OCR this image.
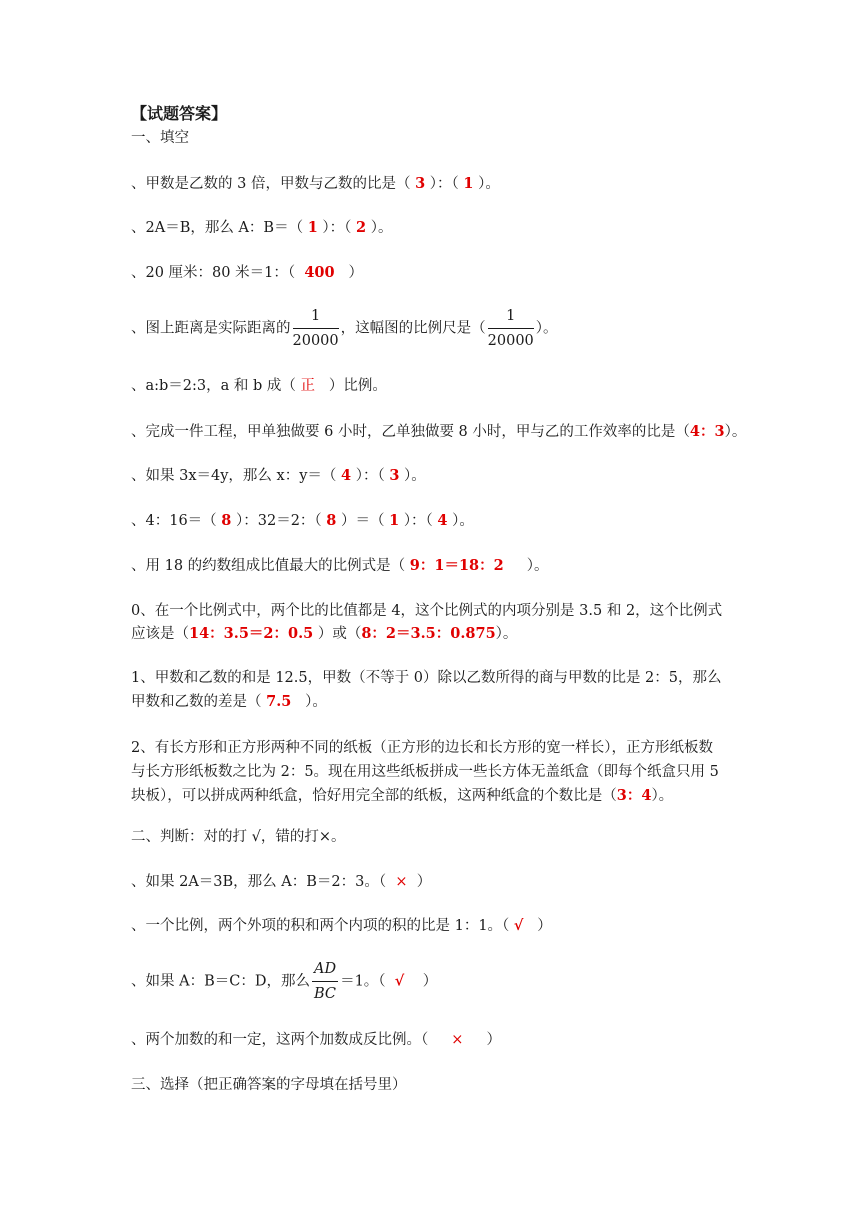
【试题答案】
一、填空
、甲数是乙数的 3 倍，甲数与乙数的比是（ 3 ）：（ 1 ）。
、2A＝B，那么 A：B＝（ 1 ）：（ 2 ）。
、20 厘米：80 米＝1：（ 400 ）
、图上距离是实际距离的 $\frac{1}{20000}$ ，这幅图的比例尺是（ $\frac{1}{20000}$ ）。
、a:b＝2:3，a 和 b 成（ 正 ）比例。
、完成一件工程，甲单独做要 6 小时，乙单独做要 8 小时，甲与乙的工作效率的比是（4：3）。
、如果 3x＝4y，那么 x：y＝（ 4 ）：（ 3 ）。
、4：16＝（ 8 ）：32＝2：（ 8 ）＝（ 1 ）：（ 4 ）。
、用 18 的约数组成比值最大的比例式是（ 9：1＝18：2 ）。
0、在一个比例式中，两个比的比值都是 4，这个比例式的内项分别是 3.5 和 2，这个比例式
应该是（14：3.5＝2：0.5 ）或（8：2＝3.5：0.875）。
1、甲数和乙数的和是 12.5，甲数（不等于 0）除以乙数所得的商与甲数的比是 2：5，那么
甲数和乙数的差是（ 7.5 ）。
2、有长方形和正方形两种不同的纸板（正方形的边长和长方形的宽一样长），正方形纸板数
与长方形纸板数之比为 2：5。现在用这些纸板拼成一些长方体无盖纸盒（即每个纸盒只用 5
块板），可以拼成两种纸盒，恰好用完全部的纸板，这两种纸盒的个数比是（3：4）。
二、判断：对的打 √，错的打×。
、如果 2A＝3B，那么 A：B＝2：3。（ × ）
、一个比例，两个外项的积和两个内项的积的比是 1：1。（ √ ）
、如果 A：B＝C：D，那么 $\frac{AD}{BC} =1$。（ √ ）
、两个加数的和一定，这两个加数成反比例。（ × ）
三、选择（把正确答案的字母填在括号里）
